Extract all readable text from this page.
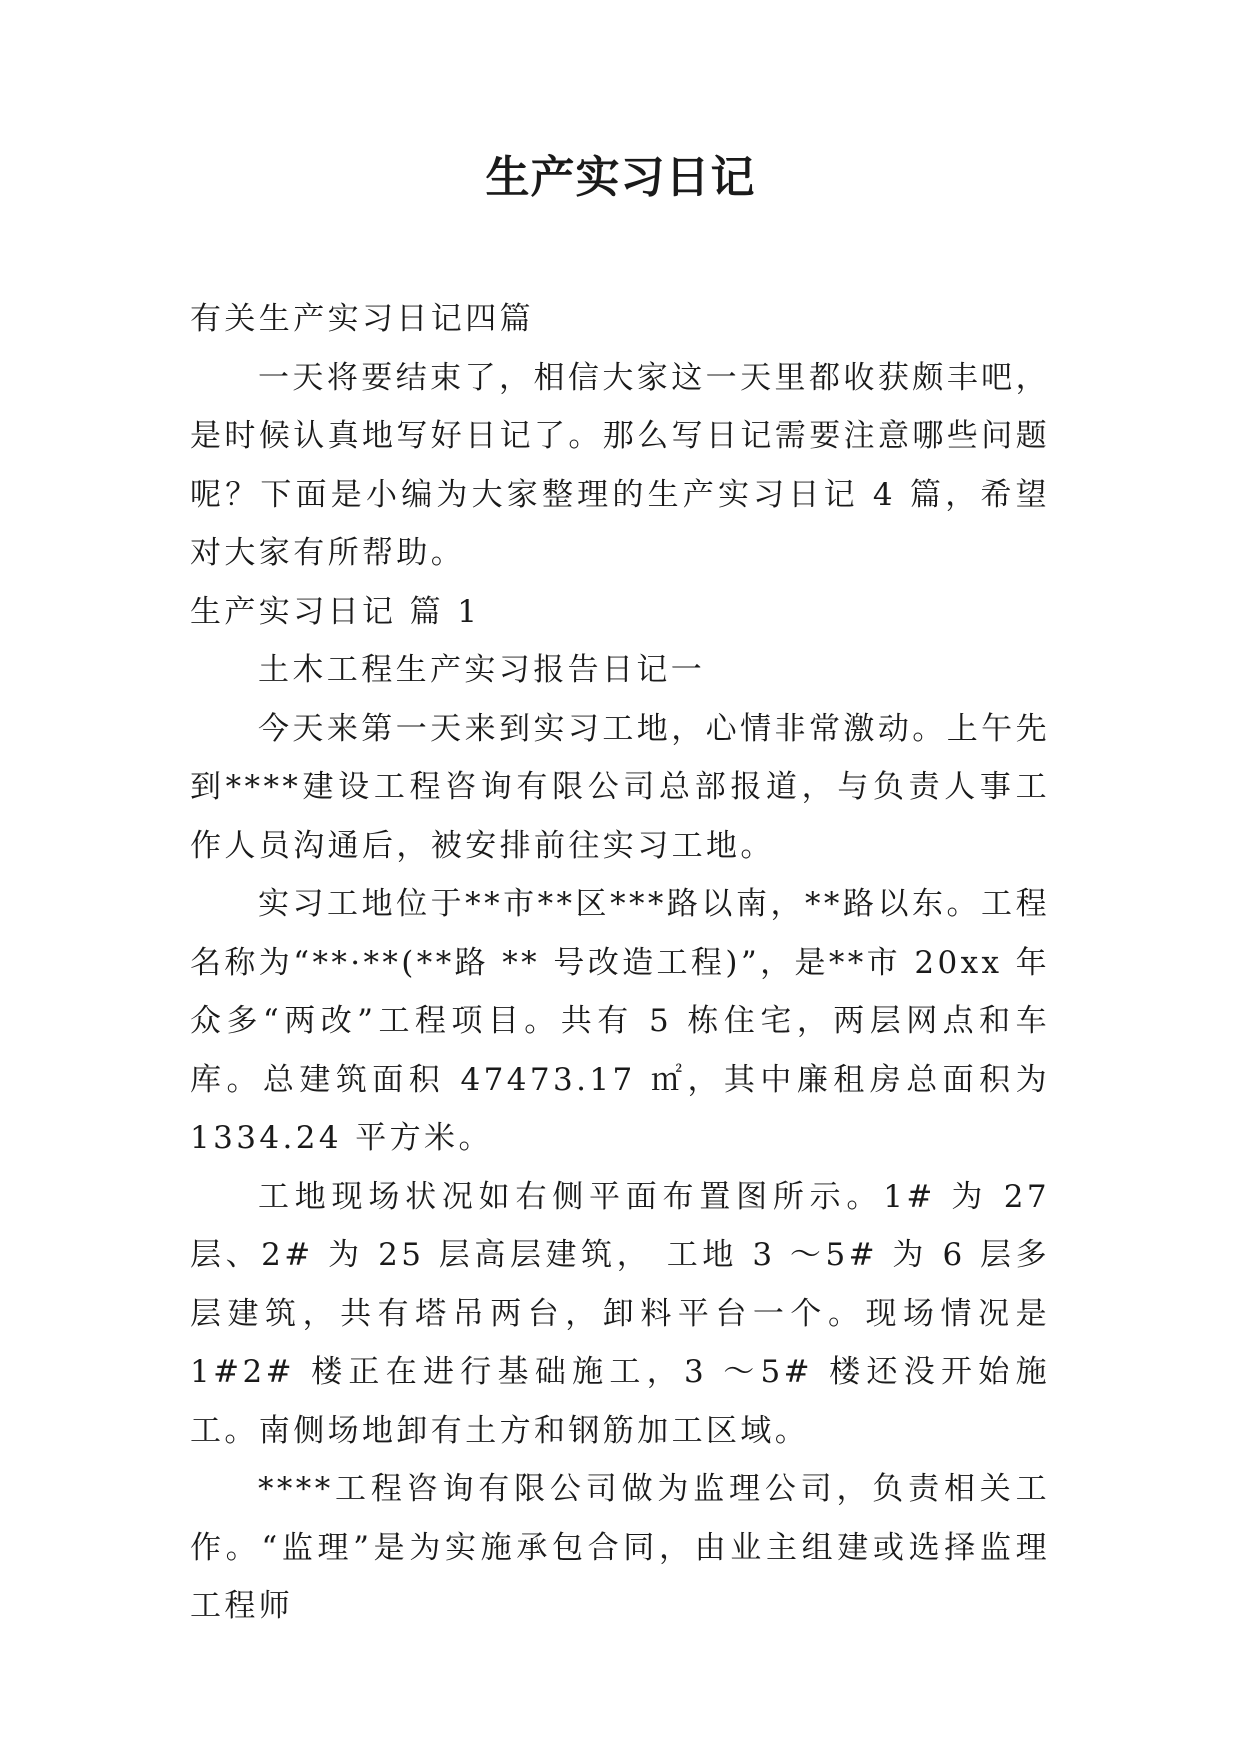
生产实习日记

有关生产实习日记四篇

一天将要结束了，相信大家这一天里都收获颇丰吧，是时候认真地写好日记了。那么写日记需要注意哪些问题呢？下面是小编为大家整理的生产实习日记 4 篇，希望对大家有所帮助。

生产实习日记 篇 1

土木工程生产实习报告日记一

今天来第一天来到实习工地，心情非常激动。上午先到****建设工程咨询有限公司总部报道，与负责人事工作人员沟通后，被安排前往实习工地。

实习工地位于**市**区***路以南，**路以东。工程名称为“**·**(**路 ** 号改造工程)”，是**市 20xx 年众多“两改”工程项目。共有 5 栋住宅，两层网点和车库。总建筑面积 47473.17 ㎡，其中廉租房总面积为 1334.24 平方米。

工地现场状况如右侧平面布置图所示。1# 为 27 层、2# 为 25 层高层建筑， 工地 3 ～5# 为 6 层多层建筑，共有塔吊两台，卸料平台一个。现场情况是 1#2# 楼正在进行基础施工，3 ～5# 楼还没开始施工。南侧场地卸有土方和钢筋加工区域。

****工程咨询有限公司做为监理公司，负责相关工作。“监理”是为实施承包合同，由业主组建或选择监理工程师
